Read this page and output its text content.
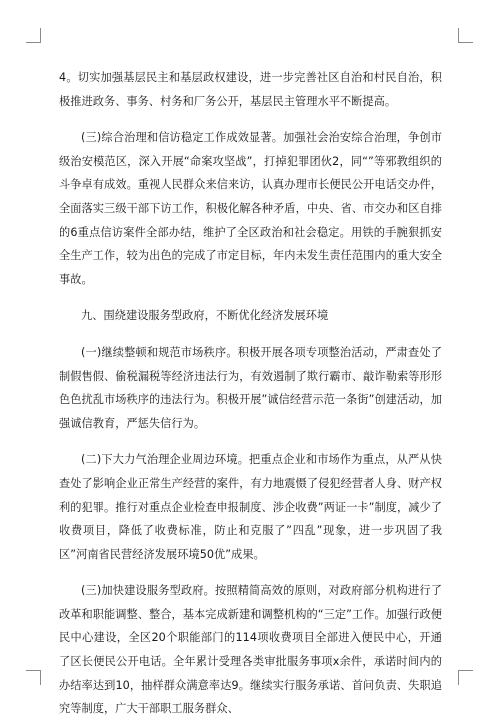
4。切实加强基层民主和基层政权建设，进一步完善社区自治和村民自治，积极推进政务、事务、村务和厂务公开，基层民主管理水平不断提高。

(三)综合治理和信访稳定工作成效显著。加强社会治安综合治理，争创市级治安模范区，深入开展“命案攻坚战”，打掉犯罪团伙2，同“”等邪教组织的斗争卓有成效。重视人民群众来信来访，认真办理市长便民公开电话交办件，全面落实三级干部下访工作，积极化解各种矛盾，中央、省、市交办和区自排的6重点信访案件全部办结，维护了全区政治和社会稳定。用铁的手腕狠抓安全生产工作，较为出色的完成了市定目标，年内未发生责任范围内的重大安全事故。

九、围绕建设服务型政府，不断优化经济发展环境

(一)继续整顿和规范市场秩序。积极开展各项专项整治活动，严肃查处了制假售假、偷税漏税等经济违法行为，有效遏制了欺行霸市、敲诈勒索等形形色色扰乱市场秩序的违法行为。积极开展”诚信经营示范一条街”创建活动，加强诚信教育，严惩失信行为。

(二)下大力气治理企业周边环境。把重点企业和市场作为重点，从严从快查处了影响企业正常生产经营的案件，有力地震慑了侵犯经营者人身、财产权利的犯罪。推行对重点企业检查申报制度、涉企收费”两证一卡”制度，减少了收费项目，降低了收费标准，防止和克服了”四乱”现象，进一步巩固了我区”河南省民营经济发展环境50优”成果。

(三)加快建设服务型政府。按照精简高效的原则，对政府部分机构进行了改革和职能调整、整合，基本完成新建和调整机构的“三定”工作。加强行政便民中心建设，全区20个职能部门的114项收费项目全部进入便民中心，开通了区长便民公开电话。全年累计受理各类审批服务事项x余件，承诺时间内的办结率达到10，抽样群众满意率达9。继续实行服务承诺、首问负责、失职追究等制度，广大干部职工服务群众、
